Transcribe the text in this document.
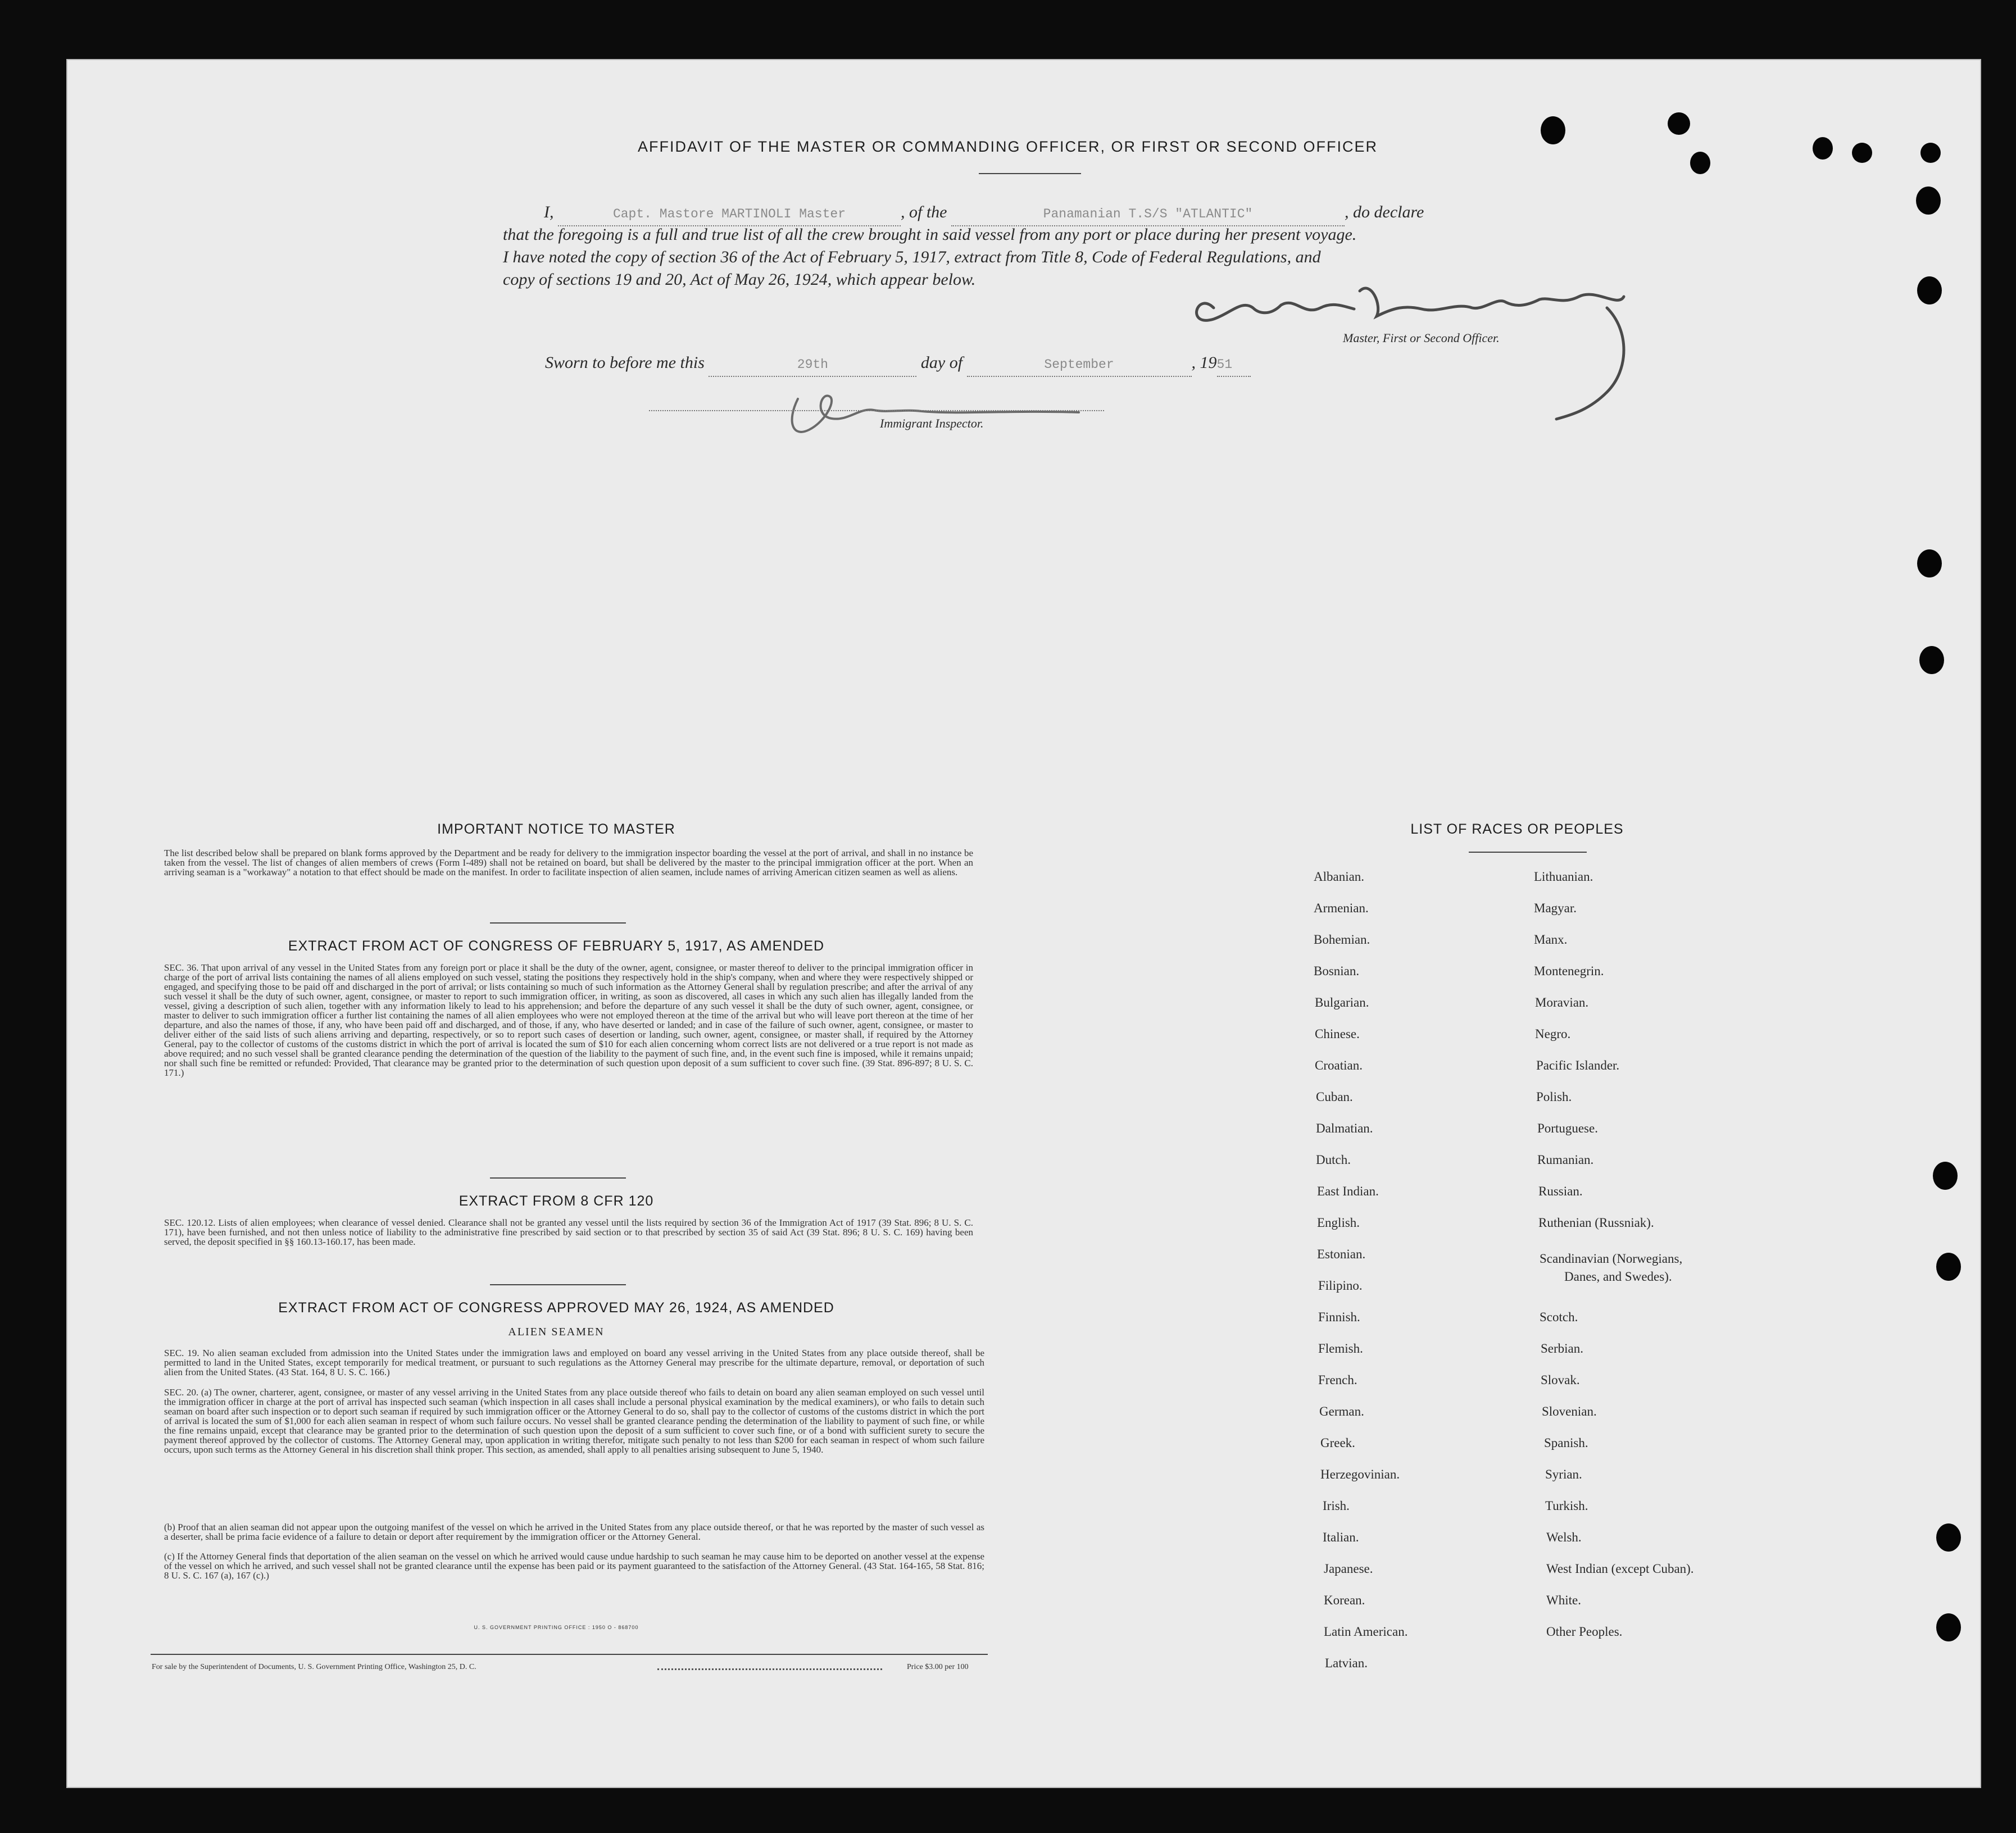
AFFIDAVIT OF THE MASTER OR COMMANDING OFFICER, OR FIRST OR SECOND OFFICER
I,	Capt. Mastore MARTINOLI Master	, of the	Panamanian T.S/S "ATLANTIC"	, do declare
that the foregoing is a full and true list of all the crew brought in said vessel from any port or place during her present voyage.
I have noted the copy of section 36 of the Act of February 5, 1917, extract from Title 8, Code of Federal Regulations, and
copy of sections 19 and 20, Act of May 26, 1924, which appear below.
Master, First or Second Officer.
Sworn to before me this	29th	day of	September	, 1951
Immigrant Inspector.
IMPORTANT NOTICE TO MASTER
The list described below shall be prepared on blank forms approved by the Department and be ready for delivery to the immigration inspector boarding the vessel at the port of arrival, and shall in no instance be taken from the vessel. The list of changes of alien members of crews (Form I-489) shall not be retained on board, but shall be delivered by the master to the principal immigration officer at the port. When an arriving seaman is a "workaway" a notation to that effect should be made on the manifest. In order to facilitate inspection of alien seamen, include names of arriving American citizen seamen as well as aliens.
EXTRACT FROM ACT OF CONGRESS OF FEBRUARY 5, 1917, AS AMENDED
SEC. 36. That upon arrival of any vessel in the United States from any foreign port or place it shall be the duty of the owner, agent, consignee, or master thereof to deliver to the principal immigration officer in charge of the port of arrival lists containing the names of all aliens employed on such vessel, stating the positions they respectively hold in the ship's company, when and where they were respectively shipped or engaged, and specifying those to be paid off and discharged in the port of arrival; or lists containing so much of such information as the Attorney General shall by regulation prescribe; and after the arrival of any such vessel it shall be the duty of such owner, agent, consignee, or master to report to such immigration officer, in writing, as soon as discovered, all cases in which any such alien has illegally landed from the vessel, giving a description of such alien, together with any information likely to lead to his apprehension; and before the departure of any such vessel it shall be the duty of such owner, agent, consignee, or master to deliver to such immigration officer a further list containing the names of all alien employees who were not employed thereon at the time of the arrival but who will leave port thereon at the time of her departure, and also the names of those, if any, who have been paid off and discharged, and of those, if any, who have deserted or landed; and in case of the failure of such owner, agent, consignee, or master to deliver either of the said lists of such aliens arriving and departing, respectively, or so to report such cases of desertion or landing, such owner, agent, consignee, or master shall, if required by the Attorney General, pay to the collector of customs of the customs district in which the port of arrival is located the sum of $10 for each alien concerning whom correct lists are not delivered or a true report is not made as above required; and no such vessel shall be granted clearance pending the determination of the question of the liability to the payment of such fine, and, in the event such fine is imposed, while it remains unpaid; nor shall such fine be remitted or refunded: Provided, That clearance may be granted prior to the determination of such question upon deposit of a sum sufficient to cover such fine. (39 Stat. 896-897; 8 U. S. C. 171.)
EXTRACT FROM 8 CFR 120
SEC. 120.12. Lists of alien employees; when clearance of vessel denied. Clearance shall not be granted any vessel until the lists required by section 36 of the Immigration Act of 1917 (39 Stat. 896; 8 U. S. C. 171), have been furnished, and not then unless notice of liability to the administrative fine prescribed by said section or to that prescribed by section 35 of said Act (39 Stat. 896; 8 U. S. C. 169) having been served, the deposit specified in §§ 160.13-160.17, has been made.
EXTRACT FROM ACT OF CONGRESS APPROVED MAY 26, 1924, AS AMENDED
ALIEN SEAMEN
SEC. 19. No alien seaman excluded from admission into the United States under the immigration laws and employed on board any vessel arriving in the United States from any place outside thereof, shall be permitted to land in the United States, except temporarily for medical treatment, or pursuant to such regulations as the Attorney General may prescribe for the ultimate departure, removal, or deportation of such alien from the United States. (43 Stat. 164, 8 U. S. C. 166.)
SEC. 20. (a) The owner, charterer, agent, consignee, or master of any vessel arriving in the United States from any place outside thereof who fails to detain on board any alien seaman employed on such vessel until the immigration officer in charge at the port of arrival has inspected such seaman (which inspection in all cases shall include a personal physical examination by the medical examiners), or who fails to detain such seaman on board after such inspection or to deport such seaman if required by such immigration officer or the Attorney General to do so, shall pay to the collector of customs of the customs district in which the port of arrival is located the sum of $1,000 for each alien seaman in respect of whom such failure occurs. No vessel shall be granted clearance pending the determination of the liability to payment of such fine, or while the fine remains unpaid, except that clearance may be granted prior to the determination of such question upon the deposit of a sum sufficient to cover such fine, or of a bond with sufficient surety to secure the payment thereof approved by the collector of customs. The Attorney General may, upon application in writing therefor, mitigate such penalty to not less than $200 for each seaman in respect of whom such failure occurs, upon such terms as the Attorney General in his discretion shall think proper. This section, as amended, shall apply to all penalties arising subsequent to June 5, 1940.
(b) Proof that an alien seaman did not appear upon the outgoing manifest of the vessel on which he arrived in the United States from any place outside thereof, or that he was reported by the master of such vessel as a deserter, shall be prima facie evidence of a failure to detain or deport after requirement by the immigration officer or the Attorney General.
(c) If the Attorney General finds that deportation of the alien seaman on the vessel on which he arrived would cause undue hardship to such seaman he may cause him to be deported on another vessel at the expense of the vessel on which he arrived, and such vessel shall not be granted clearance until the expense has been paid or its payment guaranteed to the satisfaction of the Attorney General. (43 Stat. 164-165, 58 Stat. 816; 8 U. S. C. 167 (a), 167 (c).)
U. S. GOVERNMENT PRINTING OFFICE : 1950 O - 868700
For sale by the Superintendent of Documents, U. S. Government Printing Office, Washington 25, D. C.	Price $3.00 per 100
LIST OF RACES OR PEOPLES
Albanian.
Armenian.
Bohemian.
Bosnian.
Bulgarian.
Chinese.
Croatian.
Cuban.
Dalmatian.
Dutch.
East Indian.
English.
Estonian.
Filipino.
Finnish.
Flemish.
French.
German.
Greek.
Herzegovinian.
Irish.
Italian.
Japanese.
Korean.
Latin American.
Latvian.
Lithuanian.
Magyar.
Manx.
Montenegrin.
Moravian.
Negro.
Pacific Islander.
Polish.
Portuguese.
Rumanian.
Russian.
Ruthenian (Russniak).
Scandinavian (Norwegians,
Danes, and Swedes).
Scotch.
Serbian.
Slovak.
Slovenian.
Spanish.
Syrian.
Turkish.
Welsh.
West Indian (except Cuban).
White.
Other Peoples.
